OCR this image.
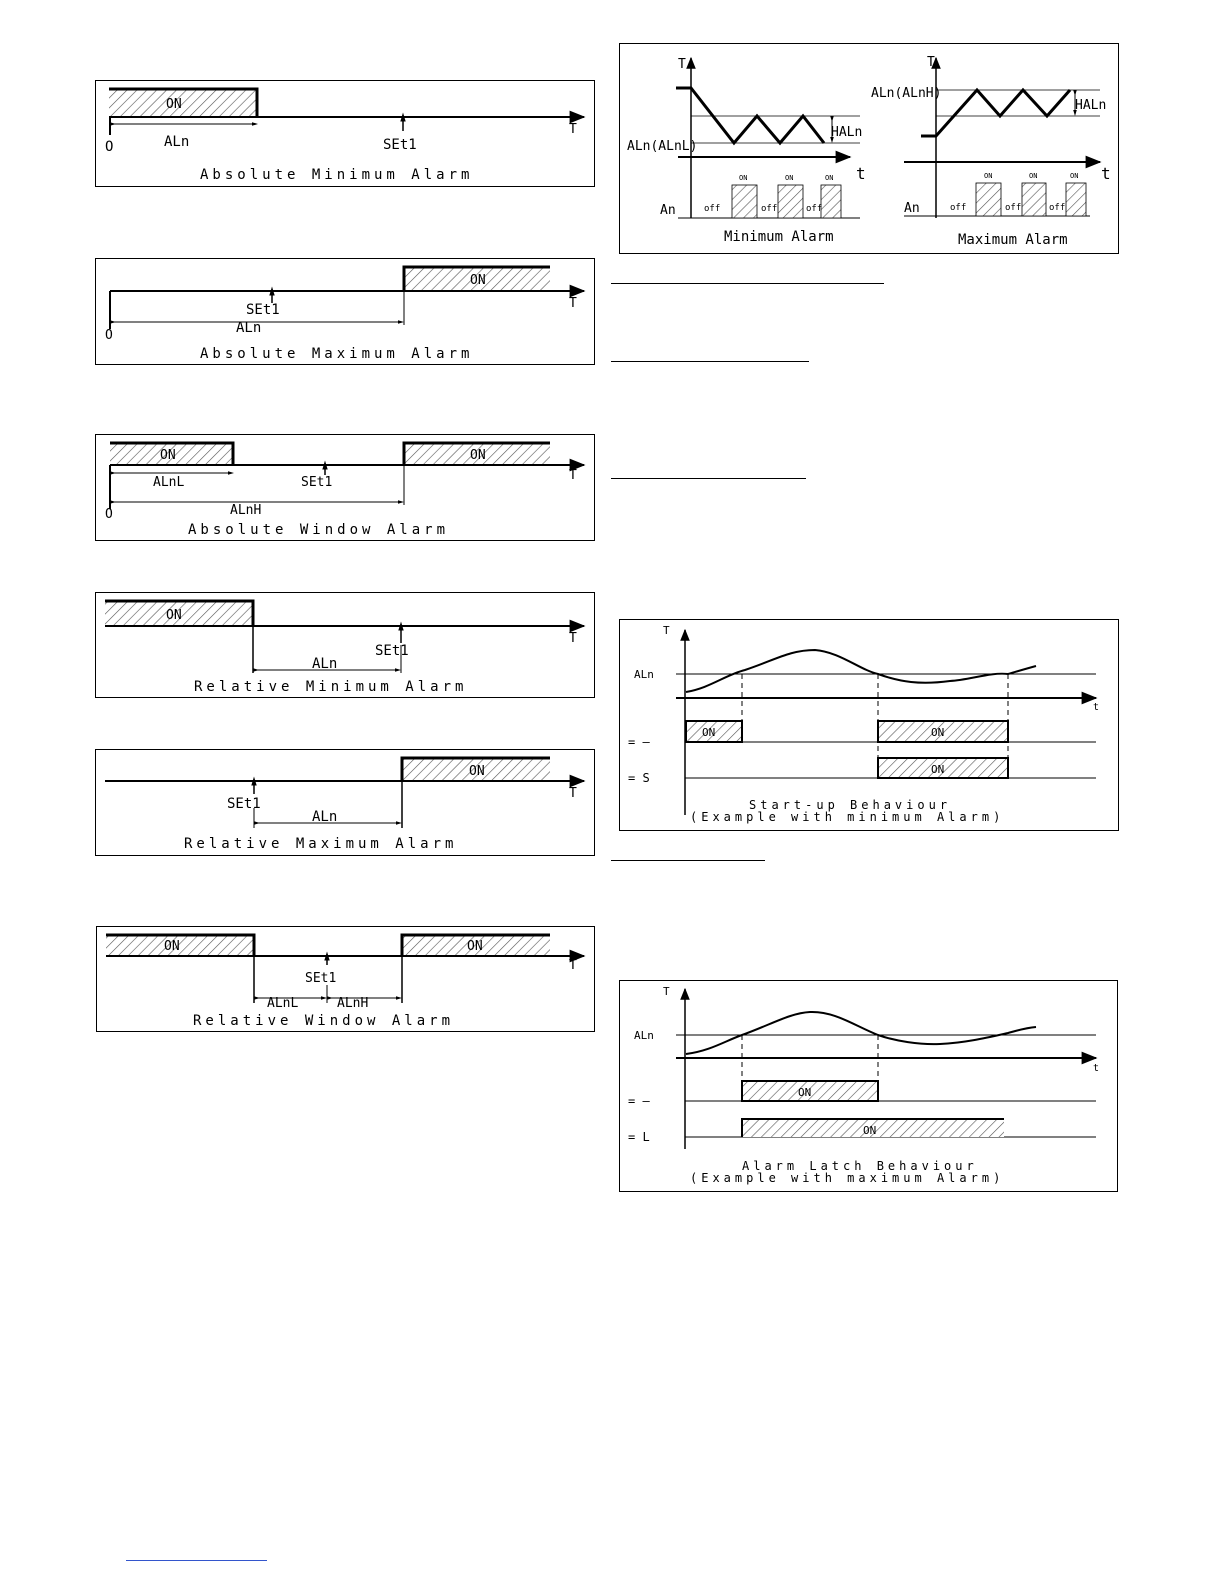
ON
ALn	SEt1
O
T
Absolute Minimum Alarm
ON
SEt1
ALn
O
T
Absolute Maximum Alarm
ON	ON
ALnL	SEt1
ALnH
O
T
Absolute Window Alarm
ON
SEt1
ALn
T
Relative Minimum Alarm
ON
SEt1
ALn
T
Relative Maximum Alarm
ON	ON
SEt1
ALnL	ALnH
T
Relative Window Alarm
T
t
ALn(ALnL)
HALn
An	off	off	off
ON	ON	ON
Minimum Alarm
T
t
ALn(ALnH)
HALn
An	off	off	off
ON	ON	ON
Maximum Alarm
T
t
ALn
= —
= S
ON	ON
ON
Start-up Behaviour
(Example with minimum Alarm)
T
t
ALn
= —
= L
ON
ON
Alarm Latch Behaviour
(Example with maximum Alarm)
